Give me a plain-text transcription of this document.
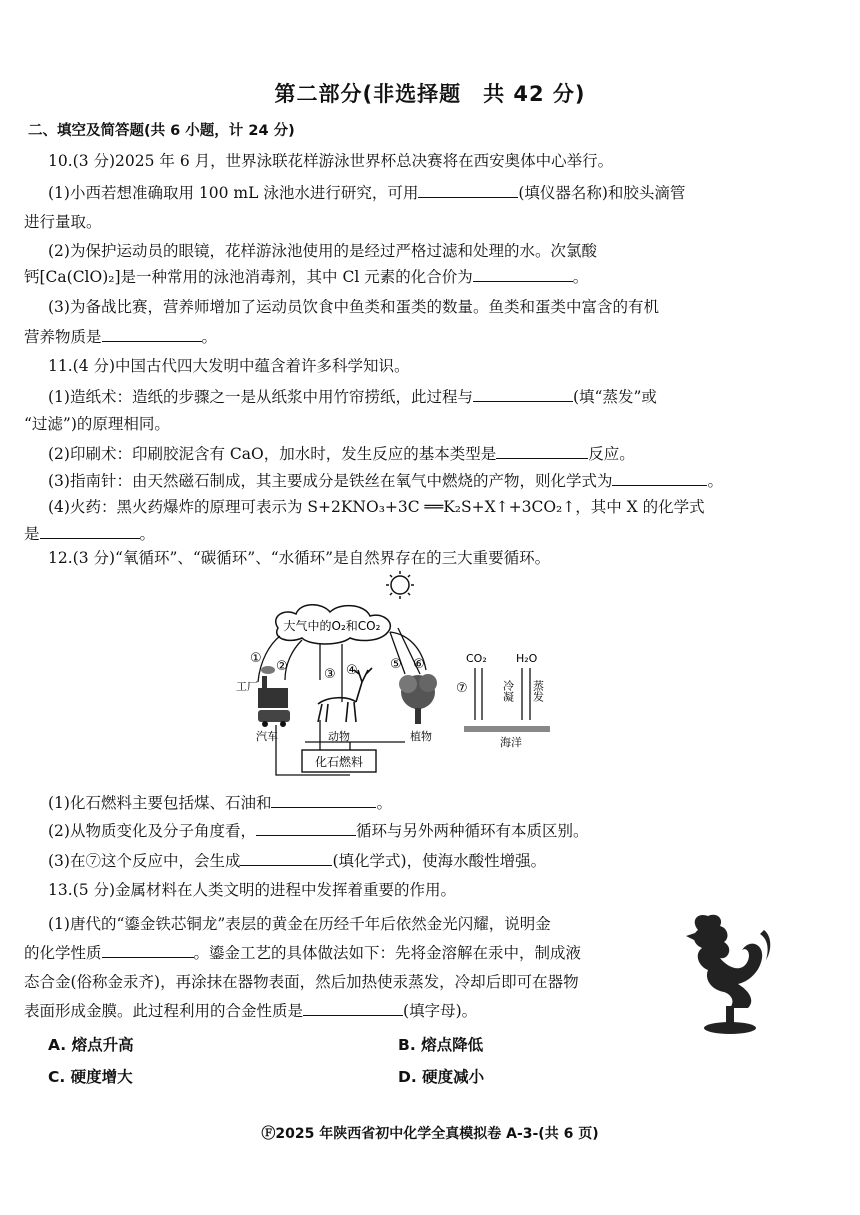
第二部分(非选择题　共 42 分)
二、填空及简答题(共 6 小题，计 24 分)
10.(3 分)2025 年 6 月，世界泳联花样游泳世界杯总决赛将在西安奥体中心举行。
(1)小西若想准确取用 100 mL 泳池水进行研究，可用	(填仪器名称)和胶头滴管
进行量取。
(2)为保护运动员的眼镜，花样游泳池使用的是经过严格过滤和处理的水。次氯酸
钙[Ca(ClO)₂]是一种常用的泳池消毒剂，其中 Cl 元素的化合价为	。
(3)为备战比赛，营养师增加了运动员饮食中鱼类和蛋类的数量。鱼类和蛋类中富含的有机
营养物质是	。
11.(4 分)中国古代四大发明中蕴含着许多科学知识。
(1)造纸术：造纸的步骤之一是从纸浆中用竹帘捞纸，此过程与	(填“蒸发”或
“过滤”)的原理相同。
(2)印刷术：印刷胶泥含有 CaO，加水时，发生反应的基本类型是	反应。
(3)指南针：由天然磁石制成，其主要成分是铁丝在氧气中燃烧的产物，则化学式为	。
(4)火药：黑火药爆炸的原理可表示为 S+2KNO₃+3C ══K₂S+X↑+3CO₂↑，其中 X 的化学式
是	。
12.(3 分)“氧循环”、“碳循环”、“水循环”是自然界存在的三大重要循环。
大气中的O₂和CO₂
①
②
③ ④ ⑤ ⑥
工厂
汽车	动物	植物
化石燃料
CO₂	H₂O
⑦	冷凝 蒸发
海洋
(1)化石燃料主要包括煤、石油和	。
(2)从物质变化及分子角度看，	循环与另外两种循环有本质区别。
(3)在⑦这个反应中，会生成	(填化学式)，使海水酸性增强。
13.(5 分)金属材料在人类文明的进程中发挥着重要的作用。
(1)唐代的“鎏金铁芯铜龙”表层的黄金在历经千年后依然金光闪耀，说明金
的化学性质	。鎏金工艺的具体做法如下：先将金溶解在汞中，制成液
态合金(俗称金汞齐)，再涂抹在器物表面，然后加热使汞蒸发，冷却后即可在器物
表面形成金膜。此过程利用的合金性质是	(填字母)。
A. 熔点升高	B. 熔点降低
C. 硬度增大	D. 硬度减小
Ⓕ2025 年陕西省初中化学全真模拟卷 A-3-(共 6 页)
